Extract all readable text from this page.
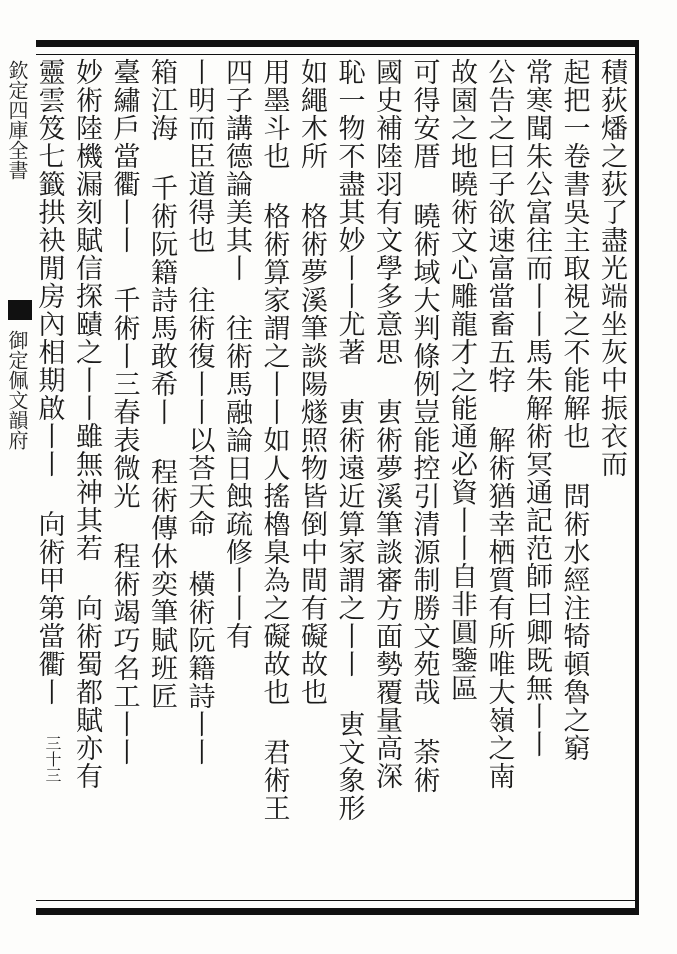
欽定四庫全書
御定佩文韻府
三十三
積荻燔之荻了盡光端坐灰中振衣而
起把一卷書吳主取視之不能解也 問術水經注犄頓魯之窮
常寒聞朱公富往而丨丨馬朱解術冥通記范師曰卿既無丨丨
公告之曰子欲速富當畜五牸 解術猶幸栖質有所唯大嶺之南
故園之地曉術文心雕龍才之能通必資丨丨自非圓鑒區
可得安厝 曉術域大判條例豈能控引清源制勝文苑哉 荼術
國史補陸羽有文學多意思 叀術夢溪筆談審方面勢覆量高深
恥一物不盡其妙丨丨尤著 叀術遠近算家謂之丨丨 叀文象形
如繩木所 格術夢溪筆談陽燧照物皆倒中間有礙故也
用墨斗也 格術算家謂之丨丨如人搖櫓臬為之礙故也 君術王
四子講德論美其丨 往術馬融論日蝕疏修丨丨有
丨明而臣道得也 往術復丨丨以荅天命 橫術阮籍詩丨丨
箱江海 千術阮籍詩馬敢希丨 程術傳休奕筆賦班匠
臺繡戶當衢丨丨 千術丨三春表微光 程術竭巧名工丨丨
妙術陸機漏刻賦信探賾之丨丨雖無神其若 向術蜀都賦亦有
靈雲笈七籤拱袂閒房內相期啟丨丨 向術甲第當衢丨
